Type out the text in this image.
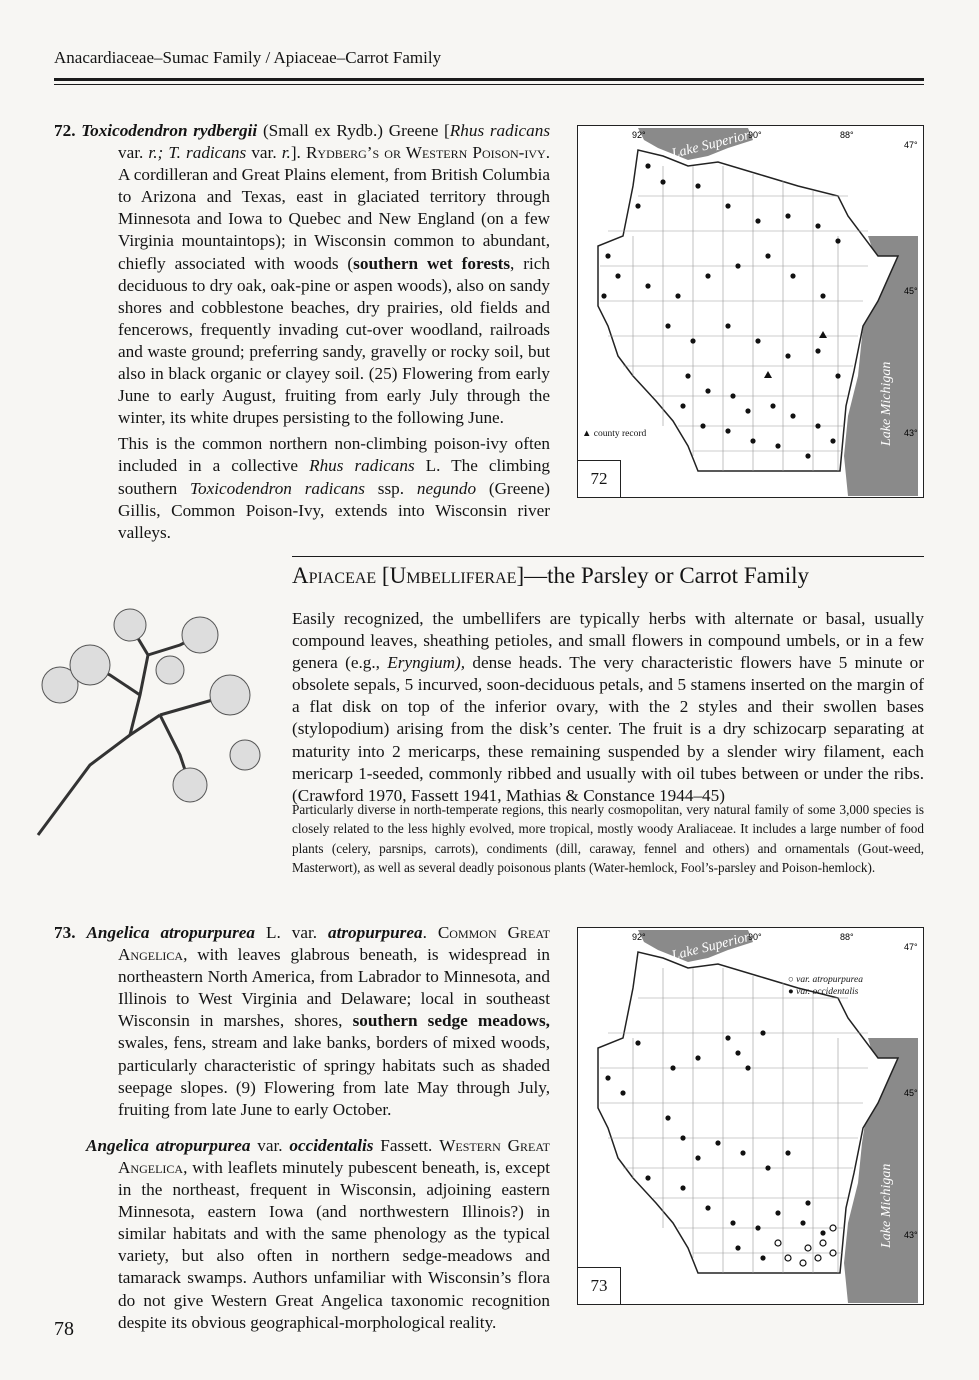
Anacardiaceae–Sumac Family / Apiaceae–Carrot Family
72. Toxicodendron rydbergii (Small ex Rydb.) Greene [Rhus radicans var. r.; T. radicans var. r.]. Rydberg’s or Western Poison-ivy. A cordilleran and Great Plains element, from British Columbia to Arizona and Texas, east in glaciated territory through Minnesota and Iowa to Quebec and New England (on a few Virginia mountaintops); in Wisconsin common to abundant, chiefly associated with woods (southern wet forests, rich deciduous to dry oak, oak-pine or aspen woods), also on sandy shores and cobblestone beaches, dry prairies, old fields and fencerows, frequently invading cut-over woodland, railroads and waste ground; preferring sandy, gravelly or rocky soil, but also in black organic or clayey soil. (25) Flowering from early June to early August, fruiting from early July through the winter, its white drupes persisting to the following June.
This is the common northern non-climbing poison-ivy often included in a collective Rhus radicans L. The climbing southern Toxicodendron radicans ssp. negundo (Greene) Gillis, Common Poison-Ivy, extends into Wisconsin river valleys.
92°	90°	88°
47°
45°
43°
Lake Superior
Lake Michigan
▲ county record
72
Apiaceae [Umbelliferae]—the Parsley or Carrot Family
Easily recognized, the umbellifers are typically herbs with alternate or basal, usually compound leaves, sheathing petioles, and small flowers in compound umbels, or in a few genera (e.g., Eryngium), dense heads. The very characteristic flowers have 5 minute or obsolete sepals, 5 incurved, soon-deciduous petals, and 5 stamens inserted on the margin of a flat disk on top of the inferior ovary, with the 2 styles and their swollen bases (stylopodium) arising from the disk’s center. The fruit is a dry schizocarp separating at maturity into 2 mericarps, these remaining suspended by a slender wiry filament, each mericarp 1-seeded, commonly ribbed and usually with oil tubes between or under the ribs. (Crawford 1970, Fassett 1941, Mathias & Constance 1944–45)
Particularly diverse in north-temperate regions, this nearly cosmopolitan, very natural family of some 3,000 species is closely related to the less highly evolved, more tropical, mostly woody Araliaceae. It includes a large number of food plants (celery, parsnips, carrots), condiments (dill, caraway, fennel and others) and ornamentals (Gout-weed, Masterwort), as well as several deadly poisonous plants (Water-hemlock, Fool’s-parsley and Poison-hemlock).
73. Angelica atropurpurea L. var. atropurpurea. Common Great Angelica, with leaves glabrous beneath, is widespread in northeastern North America, from Labrador to Minnesota, and Illinois to West Virginia and Delaware; local in southeast Wisconsin in marshes, shores, southern sedge meadows, swales, fens, stream and lake banks, borders of mixed woods, particularly characteristic of springy habitats such as shaded seepage slopes. (9) Flowering from late May through July, fruiting from late June to early October.
Angelica atropurpurea var. occidentalis Fassett. Western Great Angelica, with leaflets minutely pubescent beneath, is, except in the northeast, frequent in Wisconsin, adjoining eastern Minnesota, eastern Iowa (and northwestern Illinois?) in similar habitats and with the same phenology as the typical variety, but also often in northern sedge-meadows and tamarack swamps. Authors unfamiliar with Wisconsin’s flora do not give Western Great Angelica taxonomic recognition despite its obvious geographical-morphological reality.
92°	90°	88°
47°
45°
43°
Lake Superior
Lake Michigan
○ var. atropurpurea
● var. occidentalis
73
78
